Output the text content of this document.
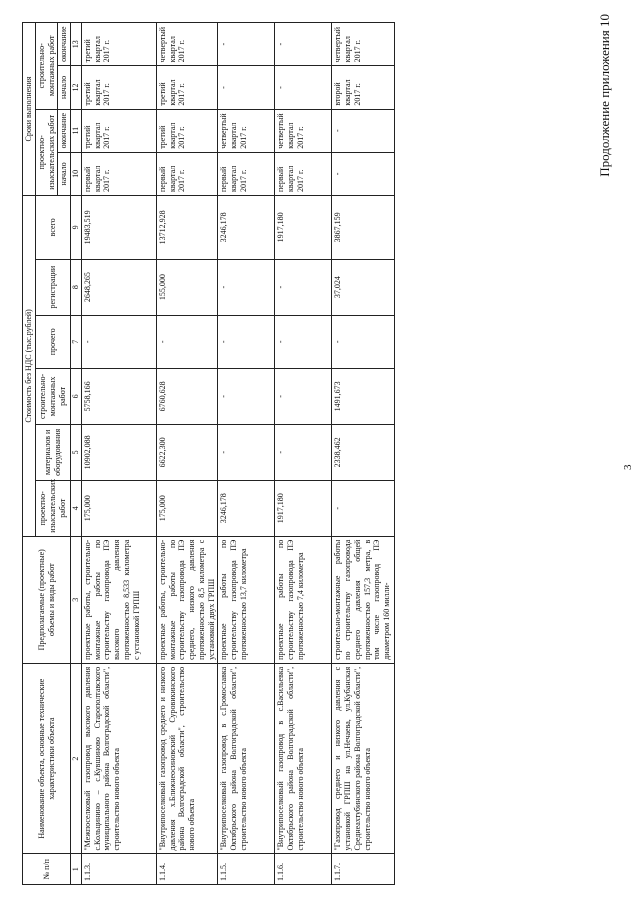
3
Продолжение приложения 10
№ п/п	Наименование объекта, основные технические характеристики объекта	Предполагаемые (проектные) объемы и виды работ	Стоимость без НДС (тыс.рублей)						Сроки выполнения			
			проектно-изыскательских работ	материалов и оборудования	строительно-монтажных работ	прочего	регистрации	всего	проектно-изыскательских работ		строительно-монтажных работ	
									начало	окончание	начало	окончание
1	2	3	4	5	6	7	8	9	10	11	12	13
1.1.3.	"Межпоселковый газопровод высокого давления с.Кольцинино – с.Кувшиново Старополтавского муниципального района Волгоградской области", строительство нового объекта	проектные работы, строительно-монтажные работы по строительству газопровода ПЭ высокого давления протяженностью 8,533 километра с установкой ГРПШ	175,000	10902,088	5758,166	-	2648,265	19483,519	первый квартал 2017 г.	третий квартал 2017 г.	третий квартал 2017 г.	третий квартал 2017 г.
1.1.4.	"Внутрипоселковый газопровод среднего и низкого давления х.Ближнеосиновский Суровикинского района Волгоградской области", строительство нового объекта	проектные работы, строительно-монтажные работы по строительству газопровода ПЭ среднего, низкого давления протяженностью 8,5 километра с установкой двух ГРПШ	175,000	6622,300	6760,628	-	155,000	13712,928	первый квартал 2017 г.	третий квартал 2017 г.	третий квартал 2017 г.	четвертый квартал 2017 г.
1.1.5.	"Внутрипоселковый газопровод в с.Громославка Октябрьского района Волгоградской области", строительство нового объекта	проектные работы по строительству газопровода ПЭ протяженностью 13,7 километра	3246,178	-	-	-	-	3246,178	первый квартал 2017 г.	четвертый квартал 2017 г.	-	-
1.1.6.	"Внутрипоселковый газопровод в с.Васильевка Октябрьского района Волгоградской области", строительство нового объекта	проектные работы по строительству газопровода ПЭ протяженностью 7,4 километра	1917,180	-	-	-	-	1917,180	первый квартал 2017 г.	четвертый квартал 2017 г.	-	-
1.1.7.	"Газопровод среднего и низкого давления с установкой ГРПШ на ул.Нечаева, ул.Кубанская Среднеахтубинского района Волгоградской области", строительство нового объекта	строительно-монтажные работы по строительству газопровода среднего давления общей протяженностью 157,3 метра, в том числе газопровод ПЭ диаметром 160 милли-	-	2338,462	1491,673	-	37,024	3867,159	-	-	второй квартал 2017 г.	четвертый квартал 2017 г.
